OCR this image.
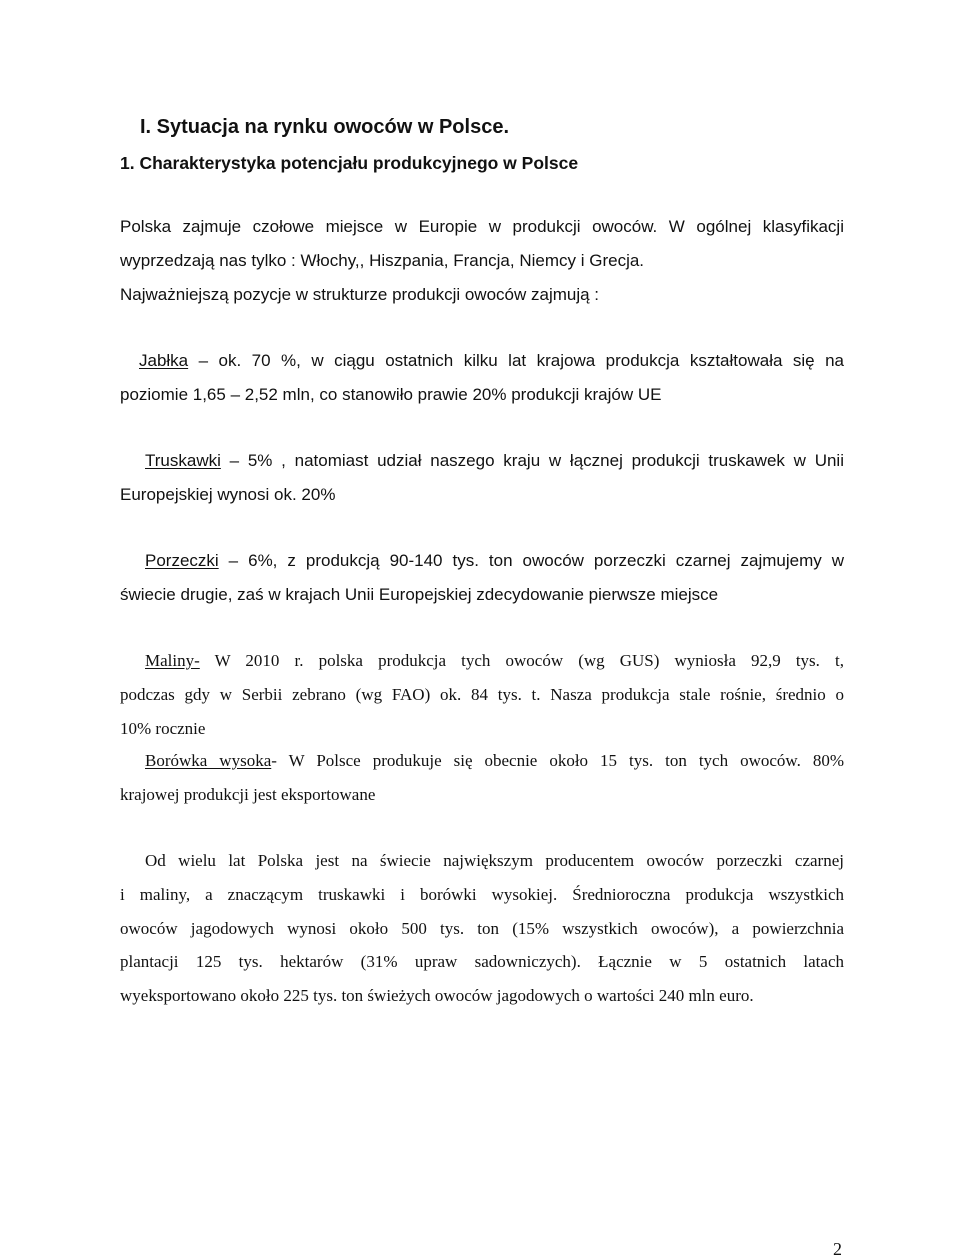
I. Sytuacja na rynku owoców w Polsce.
1. Charakterystyka potencjału produkcyjnego w Polsce
Polska zajmuje czołowe miejsce w Europie w produkcji owoców. W ogólnej klasyfikacji
wyprzedzają nas tylko : Włochy,, Hiszpania, Francja, Niemcy i Grecja.
Najważniejszą pozycje w strukturze produkcji owoców zajmują :
Jabłka – ok. 70 %, w ciągu ostatnich kilku lat krajowa produkcja kształtowała się na
poziomie 1,65 – 2,52 mln, co stanowiło prawie 20% produkcji krajów UE
Truskawki – 5% , natomiast udział naszego kraju w łącznej produkcji truskawek w Unii
Europejskiej wynosi ok. 20%
Porzeczki – 6%, z produkcją 90-140 tys. ton owoców porzeczki czarnej zajmujemy w
świecie drugie, zaś w krajach Unii Europejskiej zdecydowanie pierwsze miejsce
Maliny- W 2010 r. polska produkcja tych owoców (wg GUS) wyniosła 92,9 tys. t,
podczas gdy w Serbii zebrano (wg FAO) ok. 84 tys. t. Nasza produkcja stale rośnie, średnio o
10% rocznie
Borówka wysoka- W Polsce produkuje się obecnie około 15 tys. ton tych owoców. 80%
krajowej produkcji jest eksportowane
Od wielu lat Polska jest na świecie największym producentem owoców porzeczki czarnej
i maliny, a znaczącym truskawki i borówki wysokiej. Średnioroczna produkcja wszystkich
owoców jagodowych wynosi około 500 tys. ton (15% wszystkich owoców), a powierzchnia
plantacji 125 tys. hektarów (31% upraw sadowniczych). Łącznie w 5 ostatnich latach
wyeksportowano około 225 tys. ton świeżych owoców jagodowych o wartości 240 mln euro.
2
